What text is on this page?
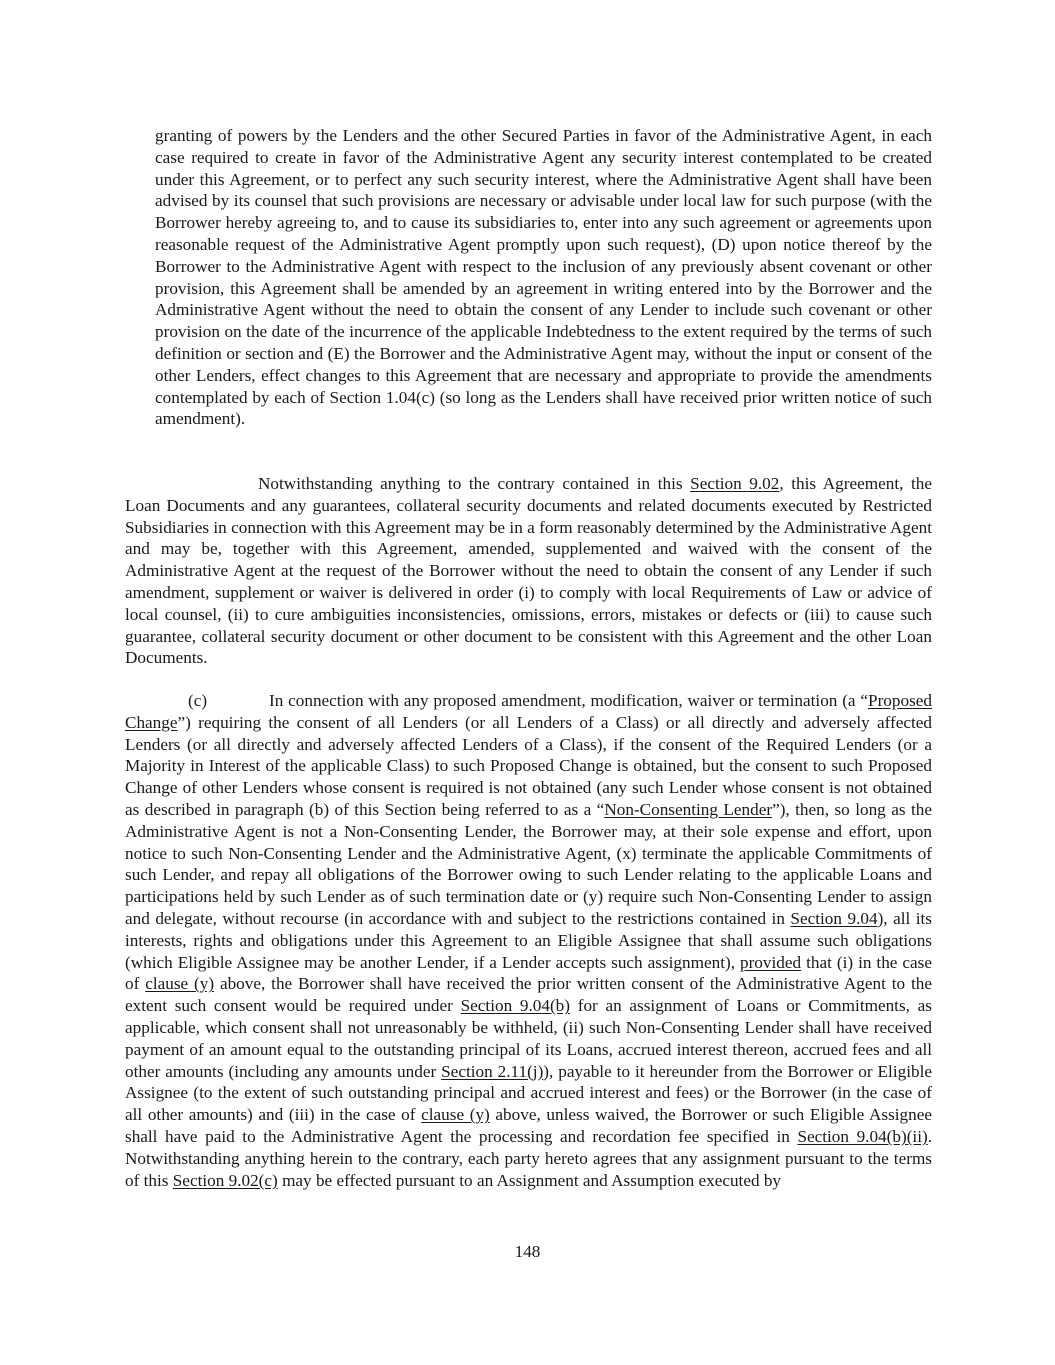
granting of powers by the Lenders and the other Secured Parties in favor of the Administrative Agent, in each case required to create in favor of the Administrative Agent any security interest contemplated to be created under this Agreement, or to perfect any such security interest, where the Administrative Agent shall have been advised by its counsel that such provisions are necessary or advisable under local law for such purpose (with the Borrower hereby agreeing to, and to cause its subsidiaries to, enter into any such agreement or agreements upon reasonable request of the Administrative Agent promptly upon such request), (D) upon notice thereof by the Borrower to the Administrative Agent with respect to the inclusion of any previously absent covenant or other provision, this Agreement shall be amended by an agreement in writing entered into by the Borrower and the Administrative Agent without the need to obtain the consent of any Lender to include such covenant or other provision on the date of the incurrence of the applicable Indebtedness to the extent required by the terms of such definition or section and (E) the Borrower and the Administrative Agent may, without the input or consent of the other Lenders, effect changes to this Agreement that are necessary and appropriate to provide the amendments contemplated by each of Section 1.04(c) (so long as the Lenders shall have received prior written notice of such amendment).

Notwithstanding anything to the contrary contained in this Section 9.02, this Agreement, the Loan Documents and any guarantees, collateral security documents and related documents executed by Restricted Subsidiaries in connection with this Agreement may be in a form reasonably determined by the Administrative Agent and may be, together with this Agreement, amended, supplemented and waived with the consent of the Administrative Agent at the request of the Borrower without the need to obtain the consent of any Lender if such amendment, supplement or waiver is delivered in order (i) to comply with local Requirements of Law or advice of local counsel, (ii) to cure ambiguities inconsistencies, omissions, errors, mistakes or defects or (iii) to cause such guarantee, collateral security document or other document to be consistent with this Agreement and the other Loan Documents.

(c)	In connection with any proposed amendment, modification, waiver or termination (a “Proposed Change”) requiring the consent of all Lenders (or all Lenders of a Class) or all directly and adversely affected Lenders (or all directly and adversely affected Lenders of a Class), if the consent of the Required Lenders (or a Majority in Interest of the applicable Class) to such Proposed Change is obtained, but the consent to such Proposed Change of other Lenders whose consent is required is not obtained (any such Lender whose consent is not obtained as described in paragraph (b) of this Section being referred to as a “Non-Consenting Lender”), then, so long as the Administrative Agent is not a Non-Consenting Lender, the Borrower may, at their sole expense and effort, upon notice to such Non-Consenting Lender and the Administrative Agent, (x) terminate the applicable Commitments of such Lender, and repay all obligations of the Borrower owing to such Lender relating to the applicable Loans and participations held by such Lender as of such termination date or (y) require such Non-Consenting Lender to assign and delegate, without recourse (in accordance with and subject to the restrictions contained in Section 9.04), all its interests, rights and obligations under this Agreement to an Eligible Assignee that shall assume such obligations (which Eligible Assignee may be another Lender, if a Lender accepts such assignment), provided that (i) in the case of clause (y) above, the Borrower shall have received the prior written consent of the Administrative Agent to the extent such consent would be required under Section 9.04(b) for an assignment of Loans or Commitments, as applicable, which consent shall not unreasonably be withheld, (ii) such Non-Consenting Lender shall have received payment of an amount equal to the outstanding principal of its Loans, accrued interest thereon, accrued fees and all other amounts (including any amounts under Section 2.11(j)), payable to it hereunder from the Borrower or Eligible Assignee (to the extent of such outstanding principal and accrued interest and fees) or the Borrower (in the case of all other amounts) and (iii) in the case of clause (y) above, unless waived, the Borrower or such Eligible Assignee shall have paid to the Administrative Agent the processing and recordation fee specified in Section 9.04(b)(ii). Notwithstanding anything herein to the contrary, each party hereto agrees that any assignment pursuant to the terms of this Section 9.02(c) may be effected pursuant to an Assignment and Assumption executed by

148
